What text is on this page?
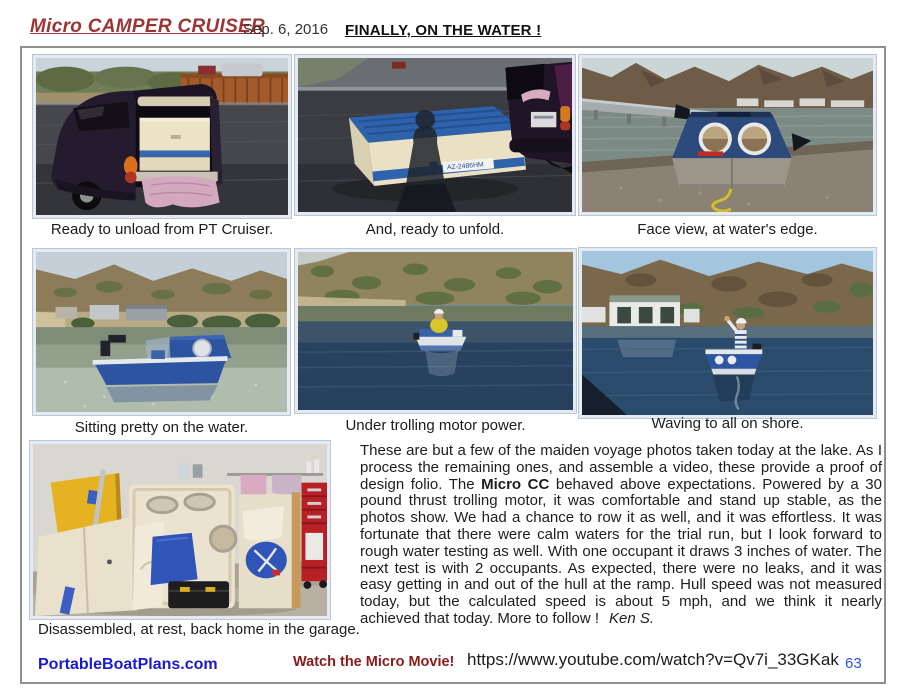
Micro CAMPER CRUISER
Sep. 6, 2016 FINALLY, ON THE WATER !
AZ-2486HM
Ready to unload from PT Cruiser.	And, ready to unfold.	Face view, at water's edge.
Sitting pretty on the water.	Under trolling motor power.	Waving to all on shore.
Disassembled, at rest, back home in the garage.
These are but a few of the maiden voyage photos taken today at the lake. As I process the remaining ones, and assemble a video, these provide a proof of design folio. The Micro CC behaved above expectations. Powered by a 30 pound thrust trolling motor, it was comfortable and stand up stable, as the photos show. We had a chance to row it as well, and it was effortless. It was fortunate that there were calm waters for the trial run, but I look forward to rough water testing as well. With one occupant it draws 3 inches of water. The next test is with 2 occupants. As expected, there were no leaks, and it was easy getting in and out of the hull at the ramp. Hull speed was not measured today, but the calculated speed is about 5 mph, and we think it nearly achieved that today. More to follow ! Ken S.
PortableBoatPlans.com	Watch the Micro Movie! https://www.youtube.com/watch?v=Qv7i_33GKak 63
